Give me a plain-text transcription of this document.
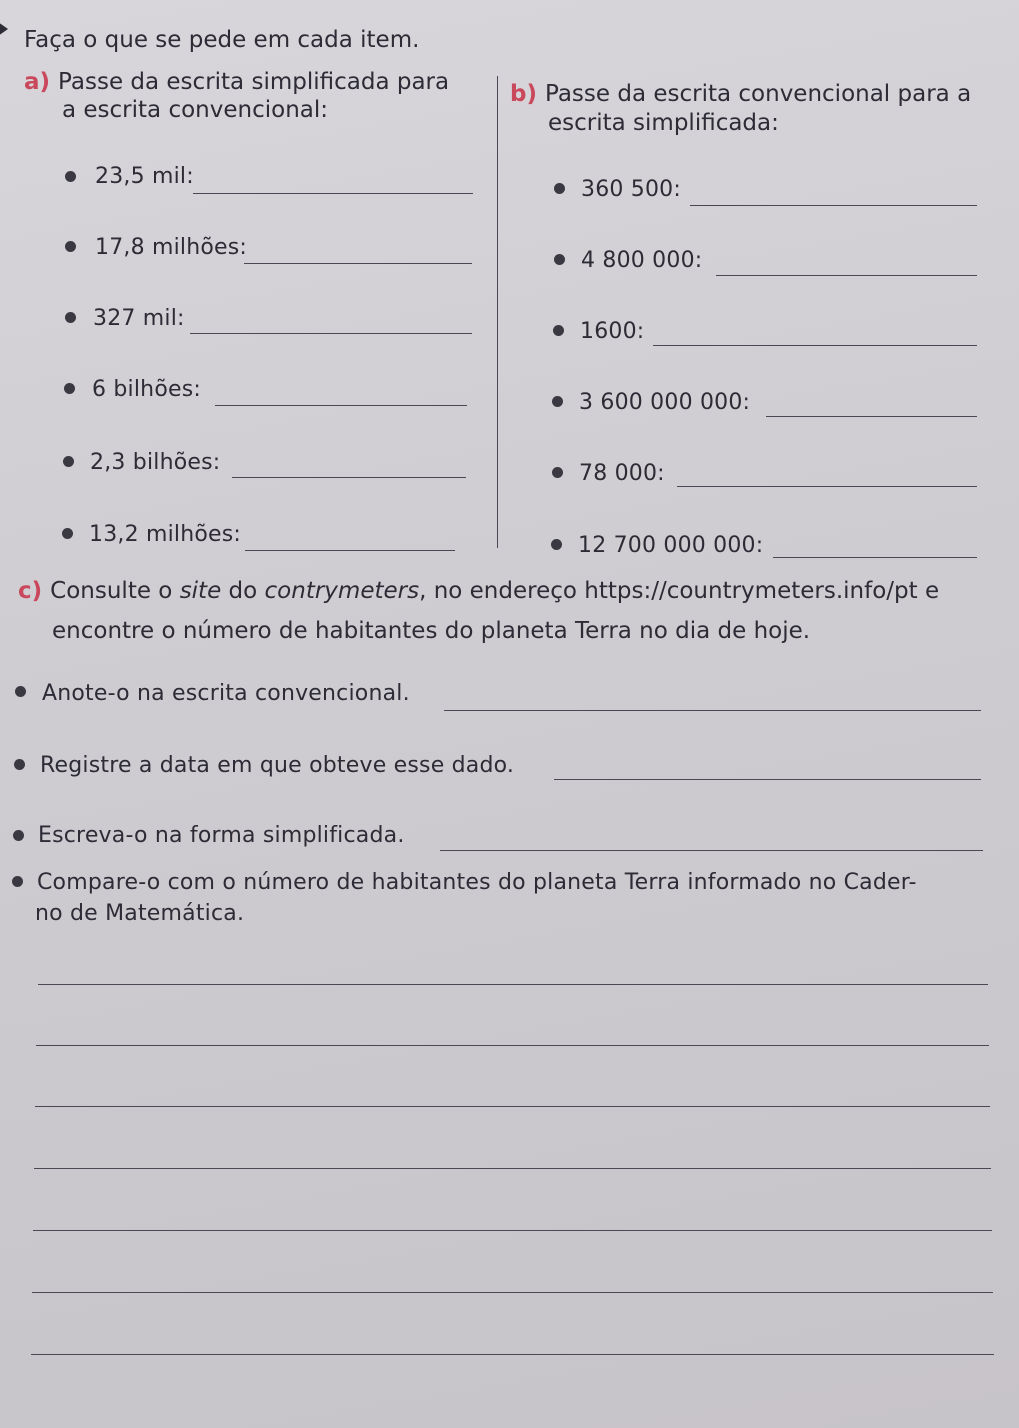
Faça o que se pede em cada item.
a) Passe da escrita simplificada para
a escrita convencional:
b) Passe da escrita convencional para a
escrita simplificada:
23,5 mil:
17,8 milhões:
327 mil:
6 bilhões:
2,3 bilhões:
13,2 milhões:
360 500:
4 800 000:
1600:
3 600 000 000:
78 000:
12 700 000 000:
c) Consulte o site do contrymeters, no endereço https://countrymeters.info/pt e
encontre o número de habitantes do planeta Terra no dia de hoje.
Anote-o na escrita convencional.
Registre a data em que obteve esse dado.
Escreva-o na forma simplificada.
Compare-o com o número de habitantes do planeta Terra informado no Cader-
no de Matemática.
